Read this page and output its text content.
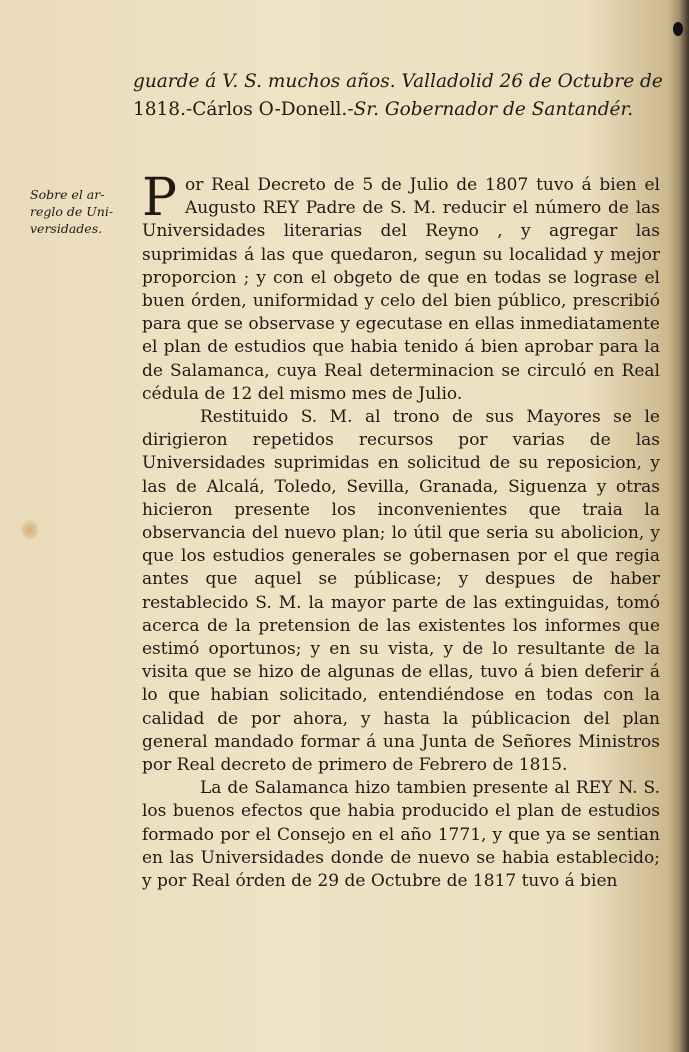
guarde á V. S. muchos años. Valladolid 26 de Octubre de
1818.-Cárlos O-Donell.-Sr. Gobernador de Santandér.
Sobre el ar-
reglo de Uni-
versidades.

Por Real Decreto de 5 de Julio de 1807 tuvo á bien el Augusto REY Padre de S. M. reducir el número de las Universidades literarias del Reyno , y agregar las suprimidas á las que quedaron, segun su localidad y mejor proporcion ; y con el obgeto de que en todas se lograse el buen órden, uniformidad y celo del bien público, prescribió para que se observase y egecutase en ellas inmediatamente el plan de estudios que habia tenido á bien aprobar para la de Salamanca, cuya Real determinacion se circuló en Real cédula de 12 del mismo mes de Julio.

Restituido S. M. al trono de sus Mayores se le dirigieron repetidos recursos por varias de las Universidades suprimidas en solicitud de su reposicion, y las de Alcalá, Toledo, Sevilla, Granada, Siguenza y otras hicieron presente los inconvenientes que traia la observancia del nuevo plan; lo útil que seria su abolicion, y que los estudios generales se gobernasen por el que regia antes que aquel se públicase; y despues de haber restablecido S. M. la mayor parte de las extinguidas, tomó acerca de la pretension de las existentes los informes que estimó oportunos; y en su vista, y de lo resultante de la visita que se hizo de algunas de ellas, tuvo á bien deferir á lo que habian solicitado, entendiéndose en todas con la calidad de por ahora, y hasta la públicacion del plan general mandado formar á una Junta de Señores Ministros por Real decreto de primero de Febrero de 1815.

La de Salamanca hizo tambien presente al REY N. S. los buenos efectos que habia producido el plan de estudios formado por el Consejo en el año 1771, y que ya se sentian en las Universidades donde de nuevo se habia establecido; y por Real órden de 29 de Octubre de 1817 tuvo á bien
